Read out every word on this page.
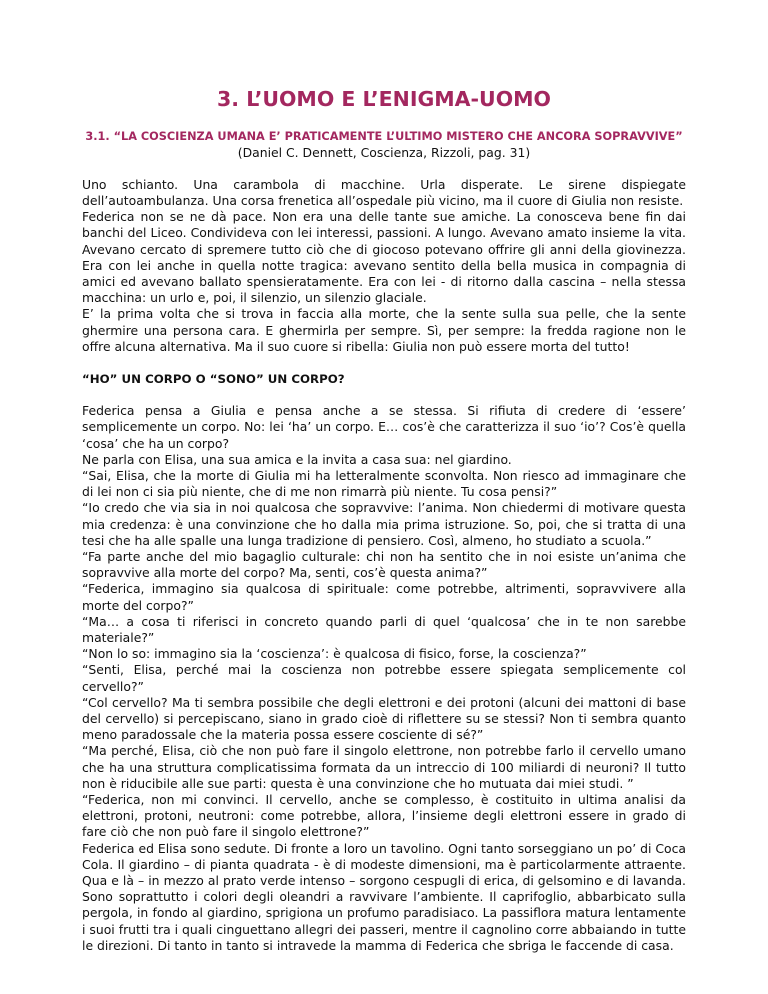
3. L’UOMO E L’ENIGMA-UOMO
3.1. “LA COSCIENZA UMANA E’ PRATICAMENTE L’ULTIMO MISTERO CHE ANCORA SOPRAVVIVE”
(Daniel C. Dennett, Coscienza, Rizzoli, pag. 31)

Uno schianto. Una carambola di macchine. Urla disperate. Le sirene dispiegate dell’autoambulanza. Una corsa frenetica all’ospedale più vicino, ma il cuore di Giulia non resiste.

Federica non se ne dà pace. Non era una delle tante sue amiche. La conosceva bene fin dai banchi del Liceo. Condivideva con lei interessi, passioni. A lungo. Avevano amato insieme la vita. Avevano cercato di spremere tutto ciò che di giocoso potevano offrire gli anni della giovinezza. Era con lei anche in quella notte tragica: avevano sentito della bella musica in compagnia di amici ed avevano ballato spensieratamente. Era con lei - di ritorno dalla cascina – nella stessa macchina: un urlo e, poi, il silenzio, un silenzio glaciale.

E’ la prima volta che si trova in faccia alla morte, che la sente sulla sua pelle, che la sente ghermire una persona cara. E ghermirla per sempre. Sì, per sempre: la fredda ragione non le offre alcuna alternativa. Ma il suo cuore si ribella: Giulia non può essere morta del tutto!

“HO” UN CORPO O “SONO” UN CORPO?

Federica pensa a Giulia e pensa anche a se stessa. Si rifiuta di credere di ‘essere’ semplicemente un corpo. No: lei ‘ha’ un corpo. E… cos’è che caratterizza il suo ‘io’? Cos’è quella ‘cosa’ che ha un corpo?

Ne parla con Elisa, una sua amica e la invita a casa sua: nel giardino.

“Sai, Elisa, che la morte di Giulia mi ha letteralmente sconvolta. Non riesco ad immaginare che di lei non ci sia più niente, che di me non rimarrà più niente. Tu cosa pensi?”

“Io credo che via sia in noi qualcosa che sopravvive: l’anima. Non chiedermi di motivare questa mia credenza: è una convinzione che ho dalla mia prima istruzione. So, poi, che si tratta di una tesi che ha alle spalle una lunga tradizione di pensiero. Così, almeno, ho studiato a scuola.”

“Fa parte anche del mio bagaglio culturale: chi non ha sentito che in noi esiste un’anima che sopravvive alla morte del corpo? Ma, senti, cos’è questa anima?”

“Federica, immagino sia qualcosa di spirituale: come potrebbe, altrimenti, sopravvivere alla morte del corpo?”

“Ma… a cosa ti riferisci in concreto quando parli di quel ‘qualcosa’ che in te non sarebbe materiale?”

“Non lo so: immagino sia la ‘coscienza’: è qualcosa di fisico, forse, la coscienza?”

“Senti, Elisa, perché mai la coscienza non potrebbe essere spiegata semplicemente col cervello?”

“Col cervello? Ma ti sembra possibile che degli elettroni e dei protoni (alcuni dei mattoni di base del cervello) si percepiscano, siano in grado cioè di riflettere su se stessi? Non ti sembra quanto meno paradossale che la materia possa essere cosciente di sé?”

“Ma perché, Elisa, ciò che non può fare il singolo elettrone, non potrebbe farlo il cervello umano che ha una struttura complicatissima formata da un intreccio di 100 miliardi di neuroni? Il tutto non è riducibile alle sue parti: questa è una convinzione che ho mutuata dai miei studi. ”

“Federica, non mi convinci. Il cervello, anche se complesso, è costituito in ultima analisi da elettroni, protoni, neutroni: come potrebbe, allora, l’insieme degli elettroni essere in grado di fare ciò che non può fare il singolo elettrone?”

Federica ed Elisa sono sedute. Di fronte a loro un tavolino. Ogni tanto sorseggiano un po’ di Coca Cola. Il giardino – di pianta quadrata - è di modeste dimensioni, ma è particolarmente attraente. Qua e là – in mezzo al prato verde intenso – sorgono cespugli di erica, di gelsomino e di lavanda. Sono soprattutto i colori degli oleandri a ravvivare l’ambiente. Il caprifoglio, abbarbicato sulla pergola, in fondo al giardino, sprigiona un profumo paradisiaco. La passiflora matura lentamente i suoi frutti tra i quali cinguettano allegri dei passeri, mentre il cagnolino corre abbaiando in tutte le direzioni. Di tanto in tanto si intravede la mamma di Federica che sbriga le faccende di casa.
